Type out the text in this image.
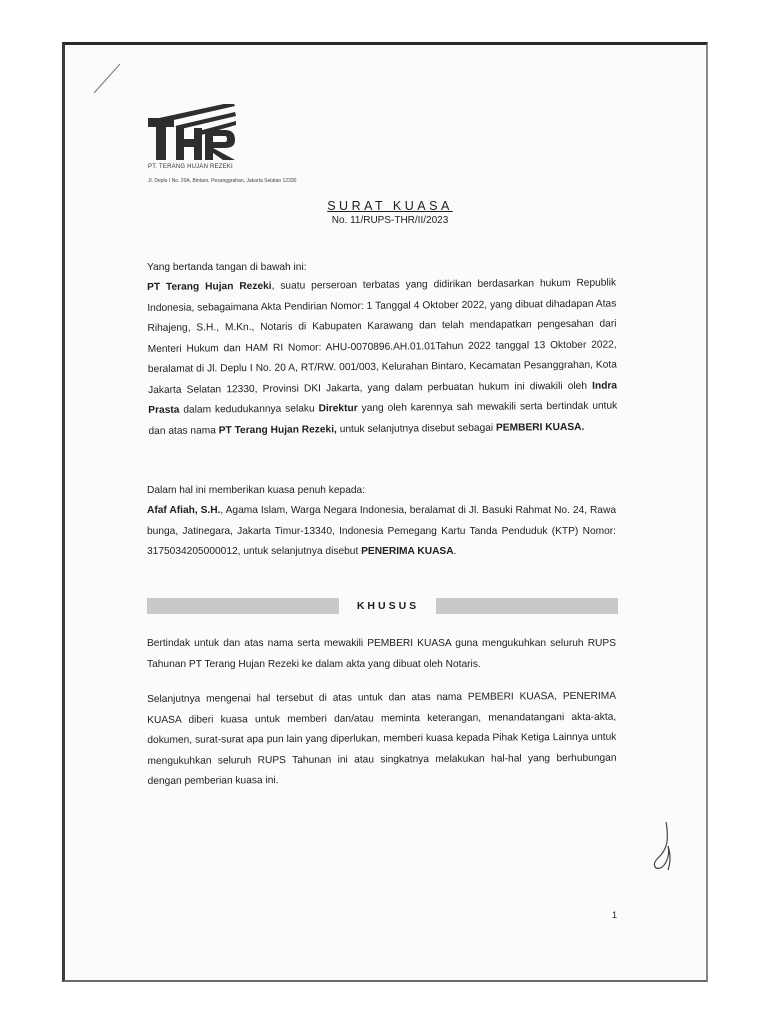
PT. TERANG HUJAN REZEKI
Jl. Deplu I No. 20A, Bintaro, Pesanggrahan, Jakarta Selatan 12330
SURAT KUASA
No. 11/RUPS-THR/II/2023

Yang bertanda tangan di bawah ini:

PT Terang Hujan Rezeki, suatu perseroan terbatas yang didirikan berdasarkan hukum Republik Indonesia, sebagaimana Akta Pendirian Nomor: 1 Tanggal 4 Oktober 2022, yang dibuat dihadapan Atas Rihajeng, S.H., M.Kn., Notaris di Kabupaten Karawang dan telah mendapatkan pengesahan dari Menteri Hukum dan HAM RI Nomor: AHU-0070896.AH.01.01Tahun 2022 tanggal 13 Oktober 2022, beralamat di Jl. Deplu I No. 20 A, RT/RW. 001/003, Kelurahan Bintaro, Kecamatan Pesanggrahan, Kota Jakarta Selatan 12330, Provinsi DKI Jakarta, yang dalam perbuatan hukum ini diwakili oleh Indra Prasta dalam kedudukannya selaku Direktur yang oleh karennya sah mewakili serta bertindak untuk dan atas nama PT Terang Hujan Rezeki, untuk selanjutnya disebut sebagai PEMBERI KUASA.

Dalam hal ini memberikan kuasa penuh kepada:

Afaf Afiah, S.H., Agama Islam, Warga Negara Indonesia, beralamat di Jl. Basuki Rahmat No. 24, Rawa bunga, Jatinegara, Jakarta Timur-13340, Indonesia Pemegang Kartu Tanda Penduduk (KTP) Nomor: 3175034205000012, untuk selanjutnya disebut PENERIMA KUASA.

KHUSUS

Bertindak untuk dan atas nama serta mewakili PEMBERI KUASA guna mengukuhkan seluruh RUPS Tahunan PT Terang Hujan Rezeki ke dalam akta yang dibuat oleh Notaris.

Selanjutnya mengenai hal tersebut di atas untuk dan atas nama PEMBERI KUASA, PENERIMA KUASA diberi kuasa untuk memberi dan/atau meminta keterangan, menandatangani akta-akta, dokumen, surat-surat apa pun lain yang diperlukan, memberi kuasa kepada Pihak Ketiga Lainnya untuk mengukuhkan seluruh RUPS Tahunan ini atau singkatnya melakukan hal-hal yang berhubungan dengan pemberian kuasa ini.

1
